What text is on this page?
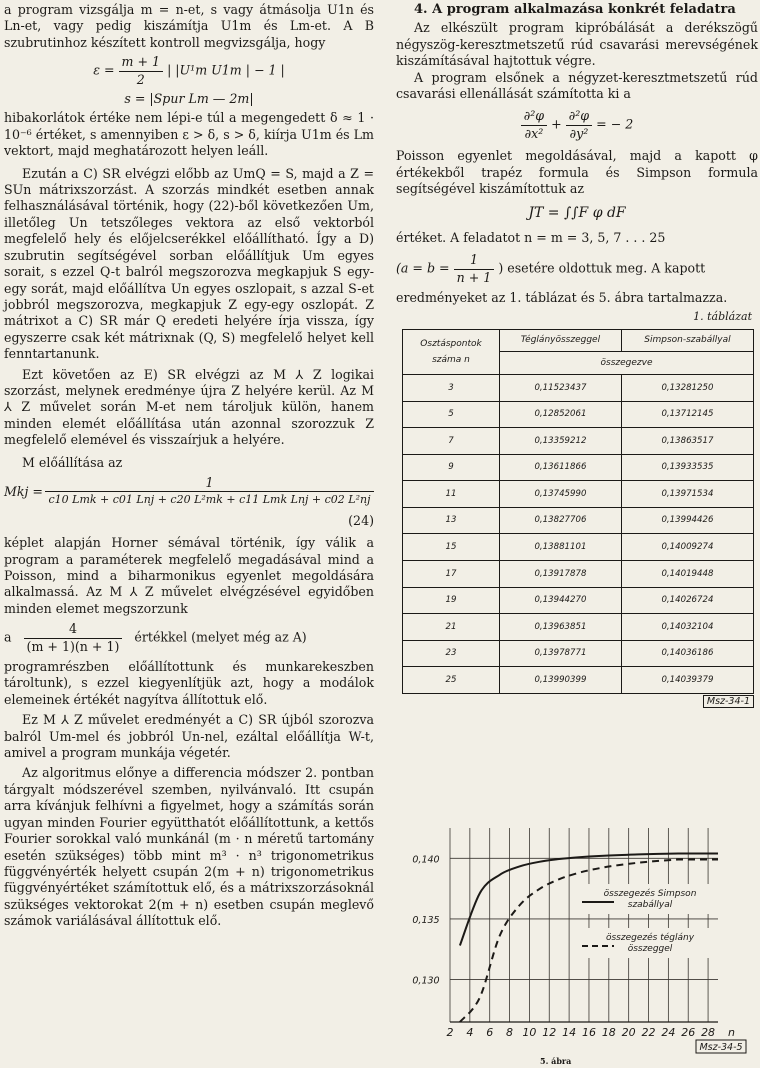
a program vizsgálja m = n-et, s vagy átmásolja U1n és Ln-et, vagy pedig kiszámítja U1m és Lm-et. A B szubrutinhoz készített kontroll megvizsgálja, hogy

$\varepsilon = \frac{m + 1}{2}$ | |U¹m U1m | − 1 |
s = |Spur Lm — 2m|

hibakorlátok értéke nem lépi-e túl a megengedett δ ≈ 1 · 10⁻⁶ értéket, s amennyiben ε > δ, s > δ, kiírja U1m és Lm vektort, majd meghatározott helyen leáll.

Ezután a C) SR elvégzi előbb az UmQ = S, majd a Z = SUn mátrixszorzást. A szorzás mindkét esetben annak felhasználásával történik, hogy (22)-ből következően Um, illetőleg Un tetszőleges vektora az első vektorból megfelelő hely és előjelcserékkel előállítható. Így a D) szubrutin segítségével sorban előállítjuk Um egyes sorait, s ezzel Q-t balról megszorozva megkapjuk S egy-egy sorát, majd előállítva Un egyes oszlopait, s azzal S-et jobbról megszorozva, megkapjuk Z egy-egy oszlopát. Z mátrixot a C) SR már Q eredeti helyére írja vissza, így egyszerre csak két mátrixnak (Q, S) megfelelő helyet kell fenntartanunk.

Ezt követően az E) SR elvégzi az M ⅄ Z logikai szorzást, melynek eredménye újra Z helyére kerül. Az M ⅄ Z művelet során M-et nem tároljuk külön, hanem minden elemét előállítása után azonnal szorozzuk Z megfelelő elemével és visszaírjuk a helyére.

M előállítása az

Mkj = $\frac{1}{\text{c10 Lmk + c01 Lnj + c20 L²mk + c11 Lmk Lnj + c02 L²nj}}$
(24)

képlet alapján Horner sémával történik, így válik a program a paraméterek megfelelő megadásával mind a Poisson, mind a biharmonikus egyenlet megoldására alkalmassá. Az M ⅄ Z művelet elvégzésével egyidőben minden elemet megszorzunk

a $\frac{4}{(m + 1)(n + 1)}$ értékkel (melyet még az A)

programrészben előállítottunk és munkarekeszben tároltunk), s ezzel kiegyenlítjük azt, hogy a modálok elemeinek értékét nagyítva állítottuk elő.

Ez M ⅄ Z művelet eredményét a C) SR újból szorozva balról Um-mel és jobbról Un-nel, ezáltal előállítja W-t, amivel a program munkája végetér.

Az algoritmus előnye a differencia módszer 2. pontban tárgyalt módszerével szemben, nyilvánvaló. Itt csupán arra kívánjuk felhívni a figyelmet, hogy a számítás során ugyan minden Fourier együtthatót előállítottunk, a kettős Fourier sorokkal való munkánál (m · n méretű tartomány esetén szükséges) több mint m³ · n³ trigonometrikus függvényérték helyett csupán 2(m + n) trigonometrikus függvényértéket számítottuk elő, és a mátrixszorzásoknál szükséges vektorokat 2(m + n) esetben csupán meglevő számok variálásával állítottuk elő.

4. A program alkalmazása konkrét feladatra

Az elkészült program kipróbálását a derékszögű négyszög-keresztmetszetű rúd csavarási merevségének kiszámításával hajtottuk végre.

A program elsőnek a négyzet-keresztmetszetű rúd csavarási ellenállását számította ki a

$\frac{\text{∂²φ}}{\text{∂x²}} + \frac{\text{∂²φ}}{\text{∂y²}}$ = − 2

Poisson egyenlet megoldásával, majd a kapott φ értékekből trapéz formula és Simpson formula segítségével kiszámítottuk az

JT = ∫∫F φ dF

értéket. A feladatot n = m = 3, 5, 7 . . . 25

($a = b = \frac{1}{n + 1}$ ) esetére oldottuk meg. A kapott

eredményeket az 1. táblázat és 5. ábra tartalmazza.

1. táblázat
Osztáspontok száma n	Téglányösszeggel	Simpson-szabállyal
	összegezve	
3	0,11523437	0,13281250
5	0,12852061	0,13712145
7	0,13359212	0,13863517
9	0,13611866	0,13933535
11	0,13745990	0,13971534
13	0,13827706	0,13994426
15	0,13881101	0,14009274
17	0,13917878	0,14019448
19	0,13944270	0,14026724
21	0,13963851	0,14032104
23	0,13978771	0,14036186
25	0,13990399	0,14039379
Msz-34-1
2 4 6 8 10 12 14 16 18 20 22 24 26 28
0,130
0,135
0,140
n
összegezés Simpson
szabállyal
összegezés téglány
összeggel
Msz-34-5
5. ábra
